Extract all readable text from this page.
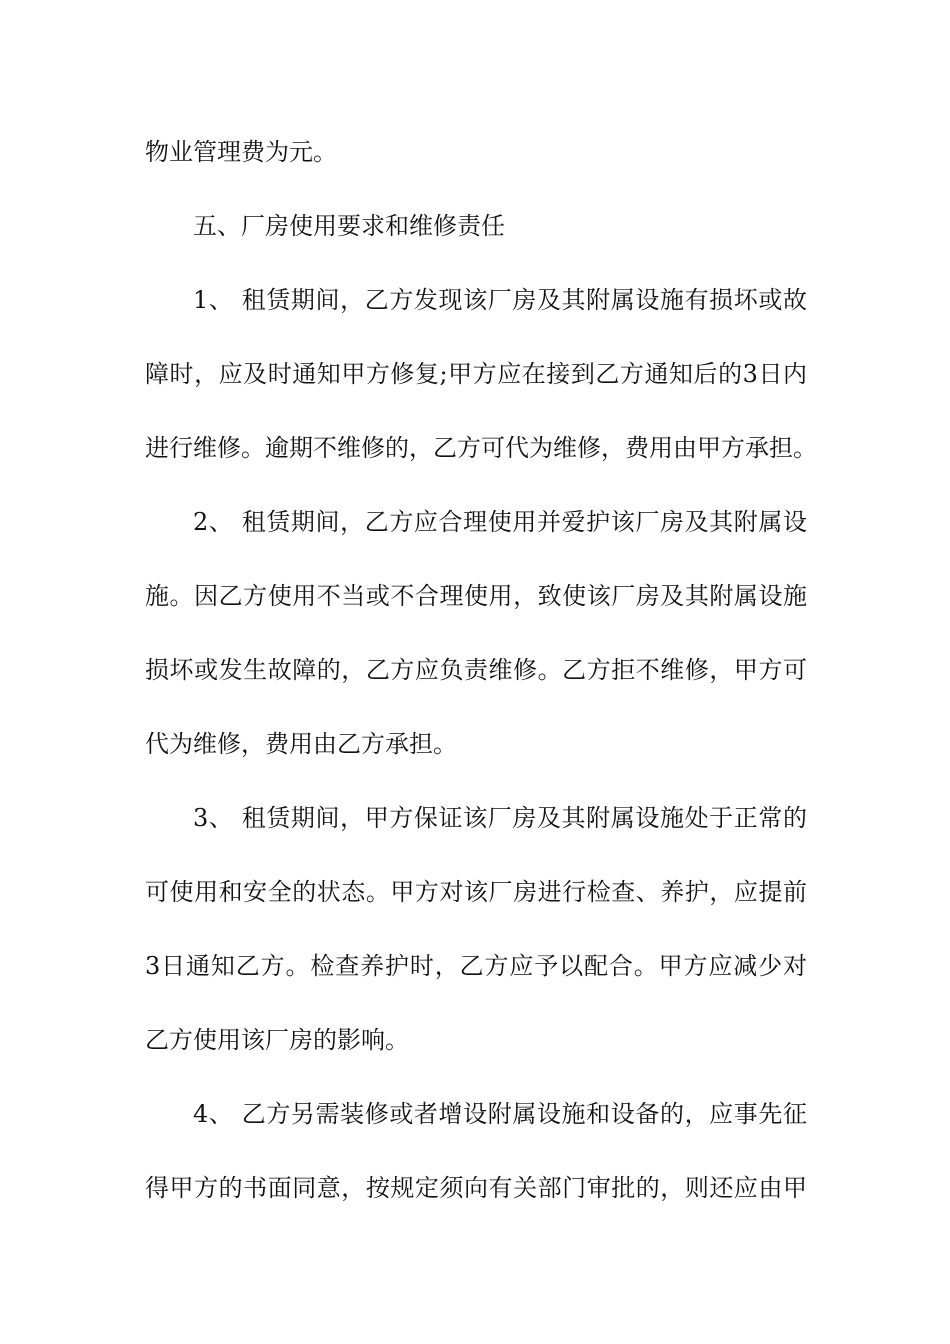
物业管理费为元。
五、厂房使用要求和维修责任
1、 租赁期间，乙方发现该厂房及其附属设施有损坏或故
障时，应及时通知甲方修复;甲方应在接到乙方通知后的3日内
进行维修。逾期不维修的，乙方可代为维修，费用由甲方承担。
2、 租赁期间，乙方应合理使用并爱护该厂房及其附属设
施。因乙方使用不当或不合理使用，致使该厂房及其附属设施
损坏或发生故障的，乙方应负责维修。乙方拒不维修，甲方可
代为维修，费用由乙方承担。
3、 租赁期间，甲方保证该厂房及其附属设施处于正常的
可使用和安全的状态。甲方对该厂房进行检查、养护，应提前
3日通知乙方。检查养护时，乙方应予以配合。甲方应减少对
乙方使用该厂房的影响。
4、 乙方另需装修或者增设附属设施和设备的，应事先征
得甲方的书面同意，按规定须向有关部门审批的，则还应由甲
